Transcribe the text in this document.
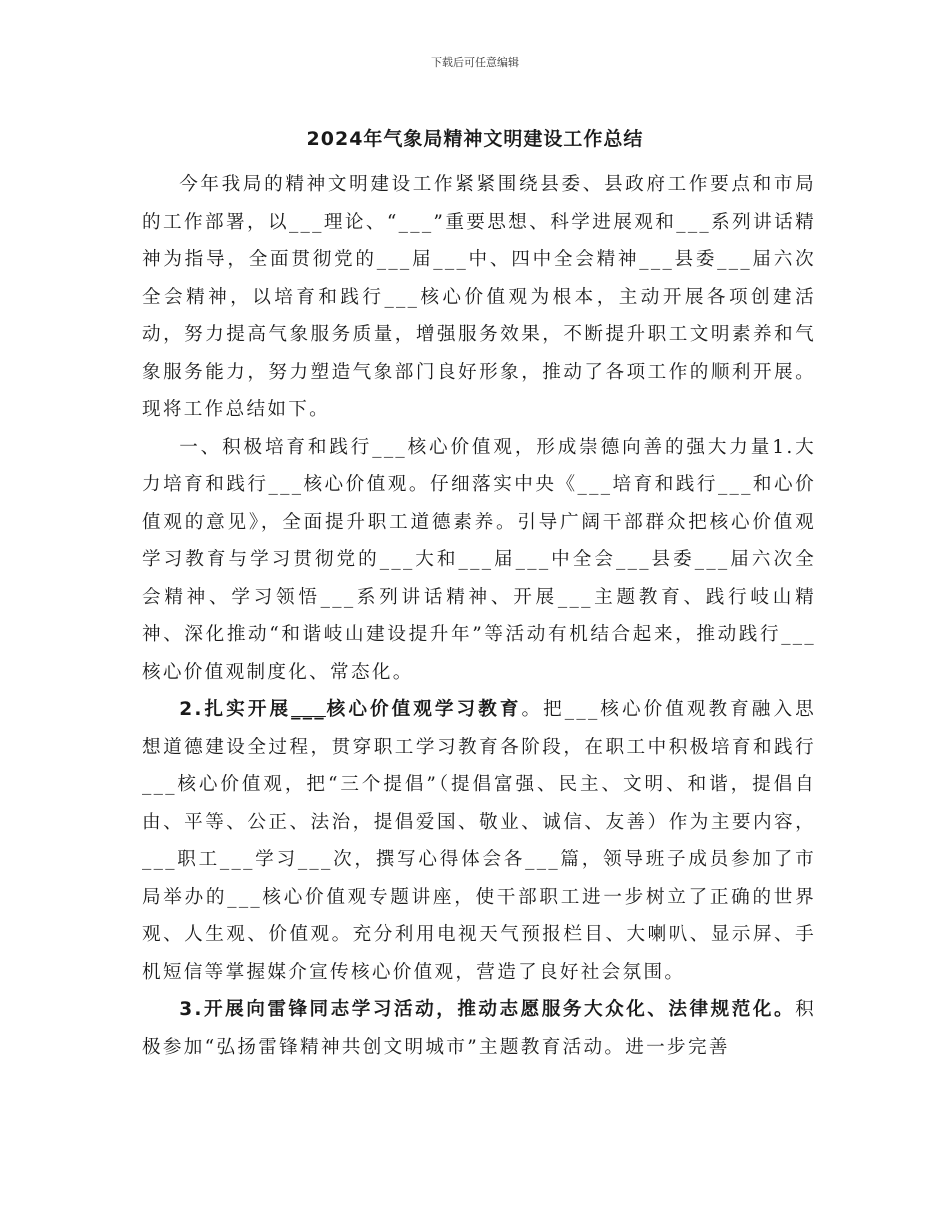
下载后可任意编辑
2024年气象局精神文明建设工作总结

今年我局的精神文明建设工作紧紧围绕县委、县政府工作要点和市局的工作部署，以___理论、“___”重要思想、科学进展观和___系列讲话精神为指导，全面贯彻党的___届___中、四中全会精神___县委___届六次全会精神，以培育和践行___核心价值观为根本，主动开展各项创建活动，努力提高气象服务质量，增强服务效果，不断提升职工文明素养和气象服务能力，努力塑造气象部门良好形象，推动了各项工作的顺利开展。现将工作总结如下。

一、积极培育和践行___核心价值观，形成崇德向善的强大力量1.大力培育和践行___核心价值观。仔细落实中央《___培育和践行___和心价值观的意见》，全面提升职工道德素养。引导广阔干部群众把核心价值观学习教育与学习贯彻党的___大和___届___中全会___县委___届六次全会精神、学习领悟___系列讲话精神、开展___主题教育、践行岐山精神、深化推动“和谐岐山建设提升年”等活动有机结合起来，推动践行___核心价值观制度化、常态化。

2.扎实开展___核心价值观学习教育。把___核心价值观教育融入思想道德建设全过程，贯穿职工学习教育各阶段，在职工中积极培育和践行___核心价值观，把“三个提倡”（提倡富强、民主、文明、和谐，提倡自由、平等、公正、法治，提倡爱国、敬业、诚信、友善）作为主要内容，___职工___学习___次，撰写心得体会各___篇，领导班子成员参加了市局举办的___核心价值观专题讲座，使干部职工进一步树立了正确的世界观、人生观、价值观。充分利用电视天气预报栏目、大喇叭、显示屏、手机短信等掌握媒介宣传核心价值观，营造了良好社会氛围。

3.开展向雷锋同志学习活动，推动志愿服务大众化、法律规范化。积极参加“弘扬雷锋精神共创文明城市”主题教育活动。进一步完善
